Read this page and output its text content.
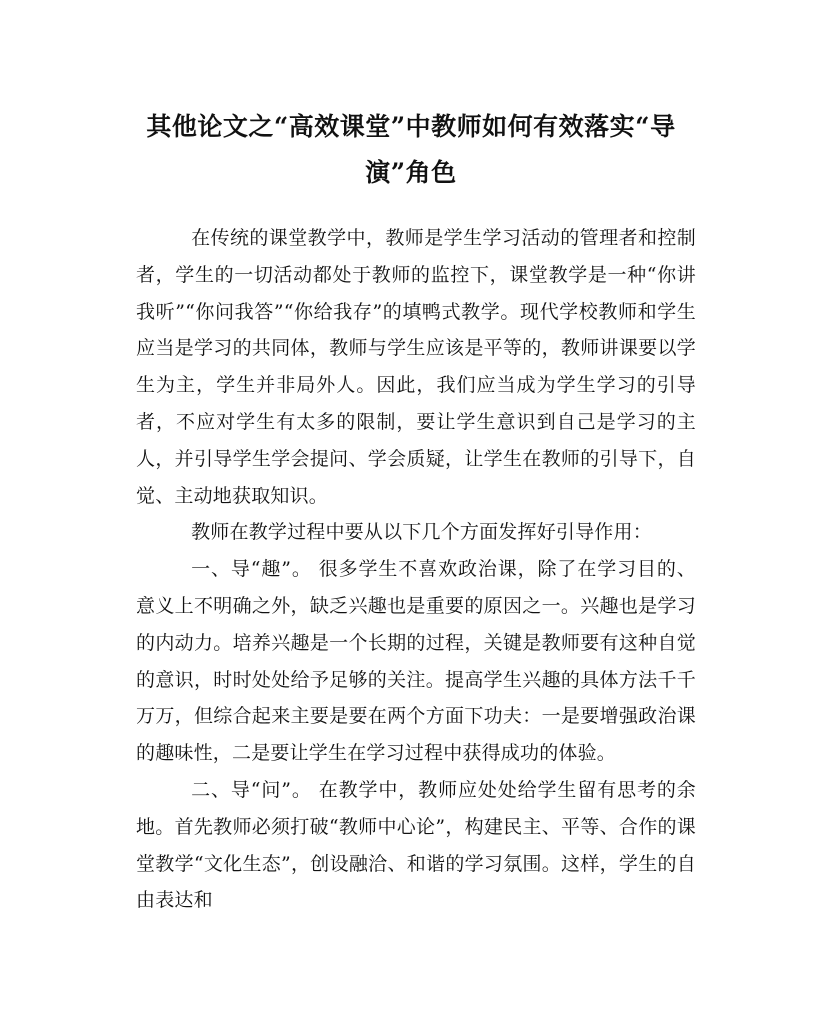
其他论文之“高效课堂”中教师如何有效落实“导演”角色

在传统的课堂教学中，教师是学生学习活动的管理者和控制者，学生的一切活动都处于教师的监控下，课堂教学是一种“你讲我听”“你问我答”“你给我存”的填鸭式教学。现代学校教师和学生应当是学习的共同体，教师与学生应该是平等的，教师讲课要以学生为主，学生并非局外人。因此，我们应当成为学生学习的引导者，不应对学生有太多的限制，要让学生意识到自己是学习的主人，并引导学生学会提问、学会质疑，让学生在教师的引导下，自觉、主动地获取知识。

教师在教学过程中要从以下几个方面发挥好引导作用：

一、导“趣”。 很多学生不喜欢政治课，除了在学习目的、意义上不明确之外，缺乏兴趣也是重要的原因之一。兴趣也是学习的内动力。培养兴趣是一个长期的过程，关键是教师要有这种自觉的意识，时时处处给予足够的关注。提高学生兴趣的具体方法千千万万，但综合起来主要是要在两个方面下功夫：一是要增强政治课的趣味性，二是要让学生在学习过程中获得成功的体验。

二、导“问”。 在教学中，教师应处处给学生留有思考的余地。首先教师必须打破“教师中心论”，构建民主、平等、合作的课堂教学“文化生态”，创设融洽、和谐的学习氛围。这样，学生的自由表达和
